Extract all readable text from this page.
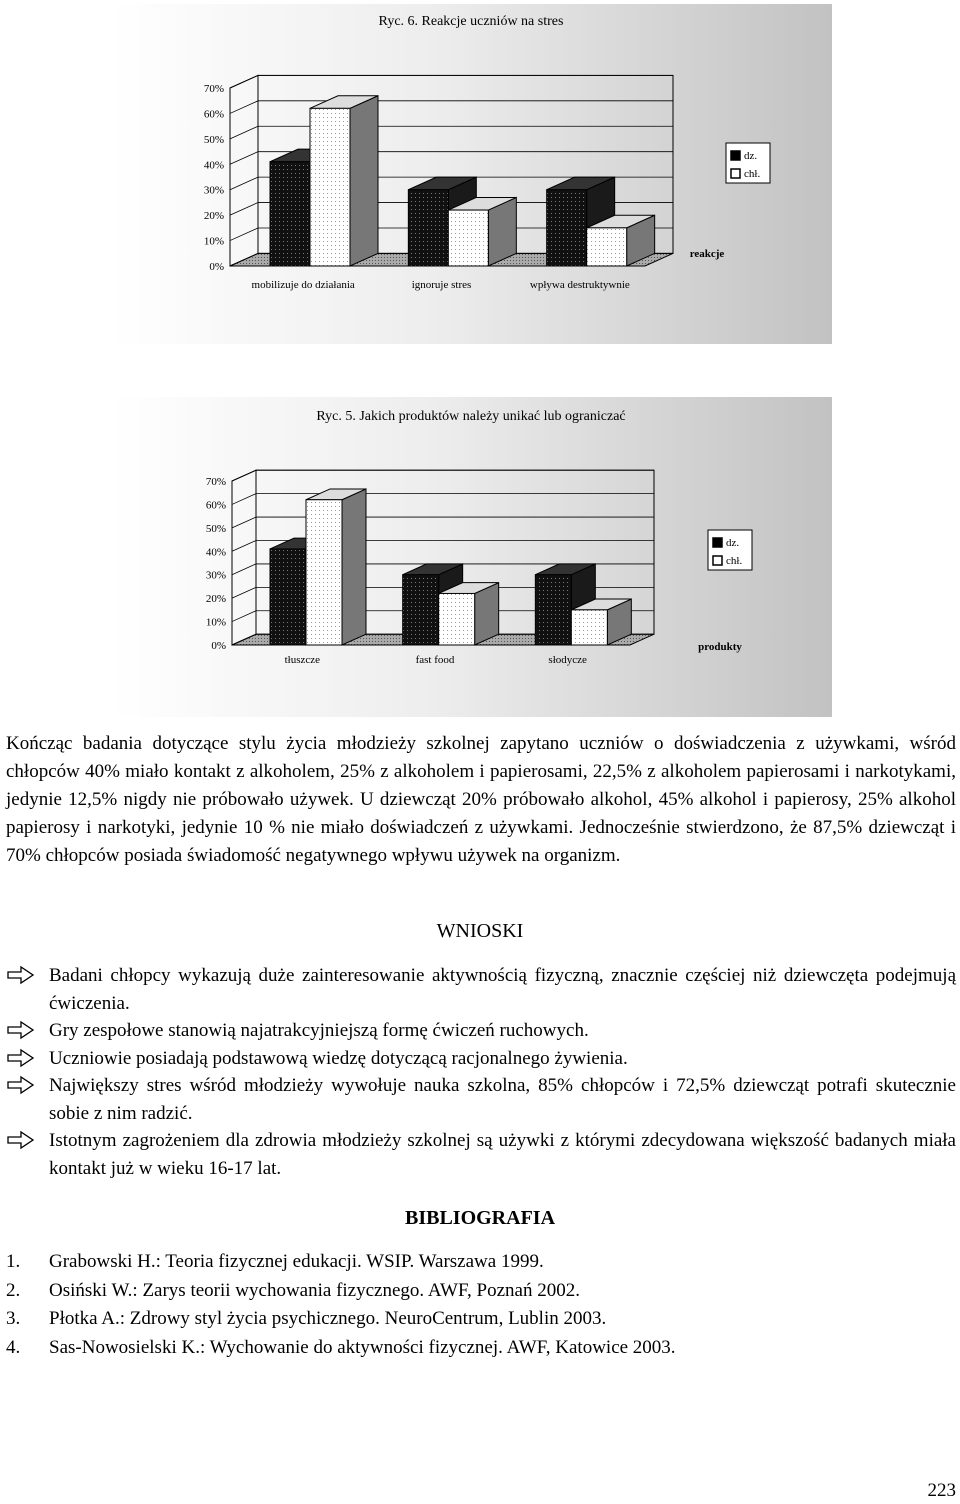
Ryc. 6. Reakcje uczniów na stres
0%
10%
20%
30%
40%
50%
60%
70%
mobilizuje do działania	ignoruje stres	wpływa destruktywnie
reakcje
dz.
chł.
Ryc. 5. Jakich produktów należy unikać lub ograniczać
0%
10%
20%
30%
40%
50%
60%
70%
tłuszcze	fast food	słodycze
produkty
dz.
chł.
Kończąc badania dotyczące stylu życia młodzieży szkolnej zapytano uczniów o doświadczenia z używkami, wśród chłopców 40% miało kontakt z alkoholem, 25% z alkoholem i papierosami, 22,5% z alkoholem papierosami i narkotykami, jedynie 12,5% nigdy nie próbowało używek. U dziewcząt 20% próbowało alkohol, 45% alkohol i papierosy, 25% alkohol papierosy i narkotyki, jedynie 10 % nie miało doświadczeń z używkami. Jednocześnie stwierdzono, że 87,5% dziewcząt i 70% chłopców posiada świadomość negatywnego wpływu używek na organizm.
WNIOSKI
Badani chłopcy wykazują duże zainteresowanie aktywnością fizyczną, znacznie częściej niż dziewczęta podejmują ćwiczenia.
Gry zespołowe stanowią najatrakcyjniejszą formę ćwiczeń ruchowych.
Uczniowie posiadają podstawową wiedzę dotyczącą racjonalnego żywienia.
Największy stres wśród młodzieży wywołuje nauka szkolna, 85% chłopców i 72,5% dziewcząt potrafi skutecznie sobie z nim radzić.
Istotnym zagrożeniem dla zdrowia młodzieży szkolnej są używki z którymi zdecydowana większość badanych miała kontakt już w wieku 16-17 lat.
BIBLIOGRAFIA
1. Grabowski H.: Teoria fizycznej edukacji. WSIP. Warszawa 1999.
2. Osiński W.: Zarys teorii wychowania fizycznego. AWF, Poznań 2002.
3. Płotka A.: Zdrowy styl życia psychicznego. NeuroCentrum, Lublin 2003.
4. Sas-Nowosielski K.: Wychowanie do aktywności fizycznej. AWF, Katowice 2003.
223
